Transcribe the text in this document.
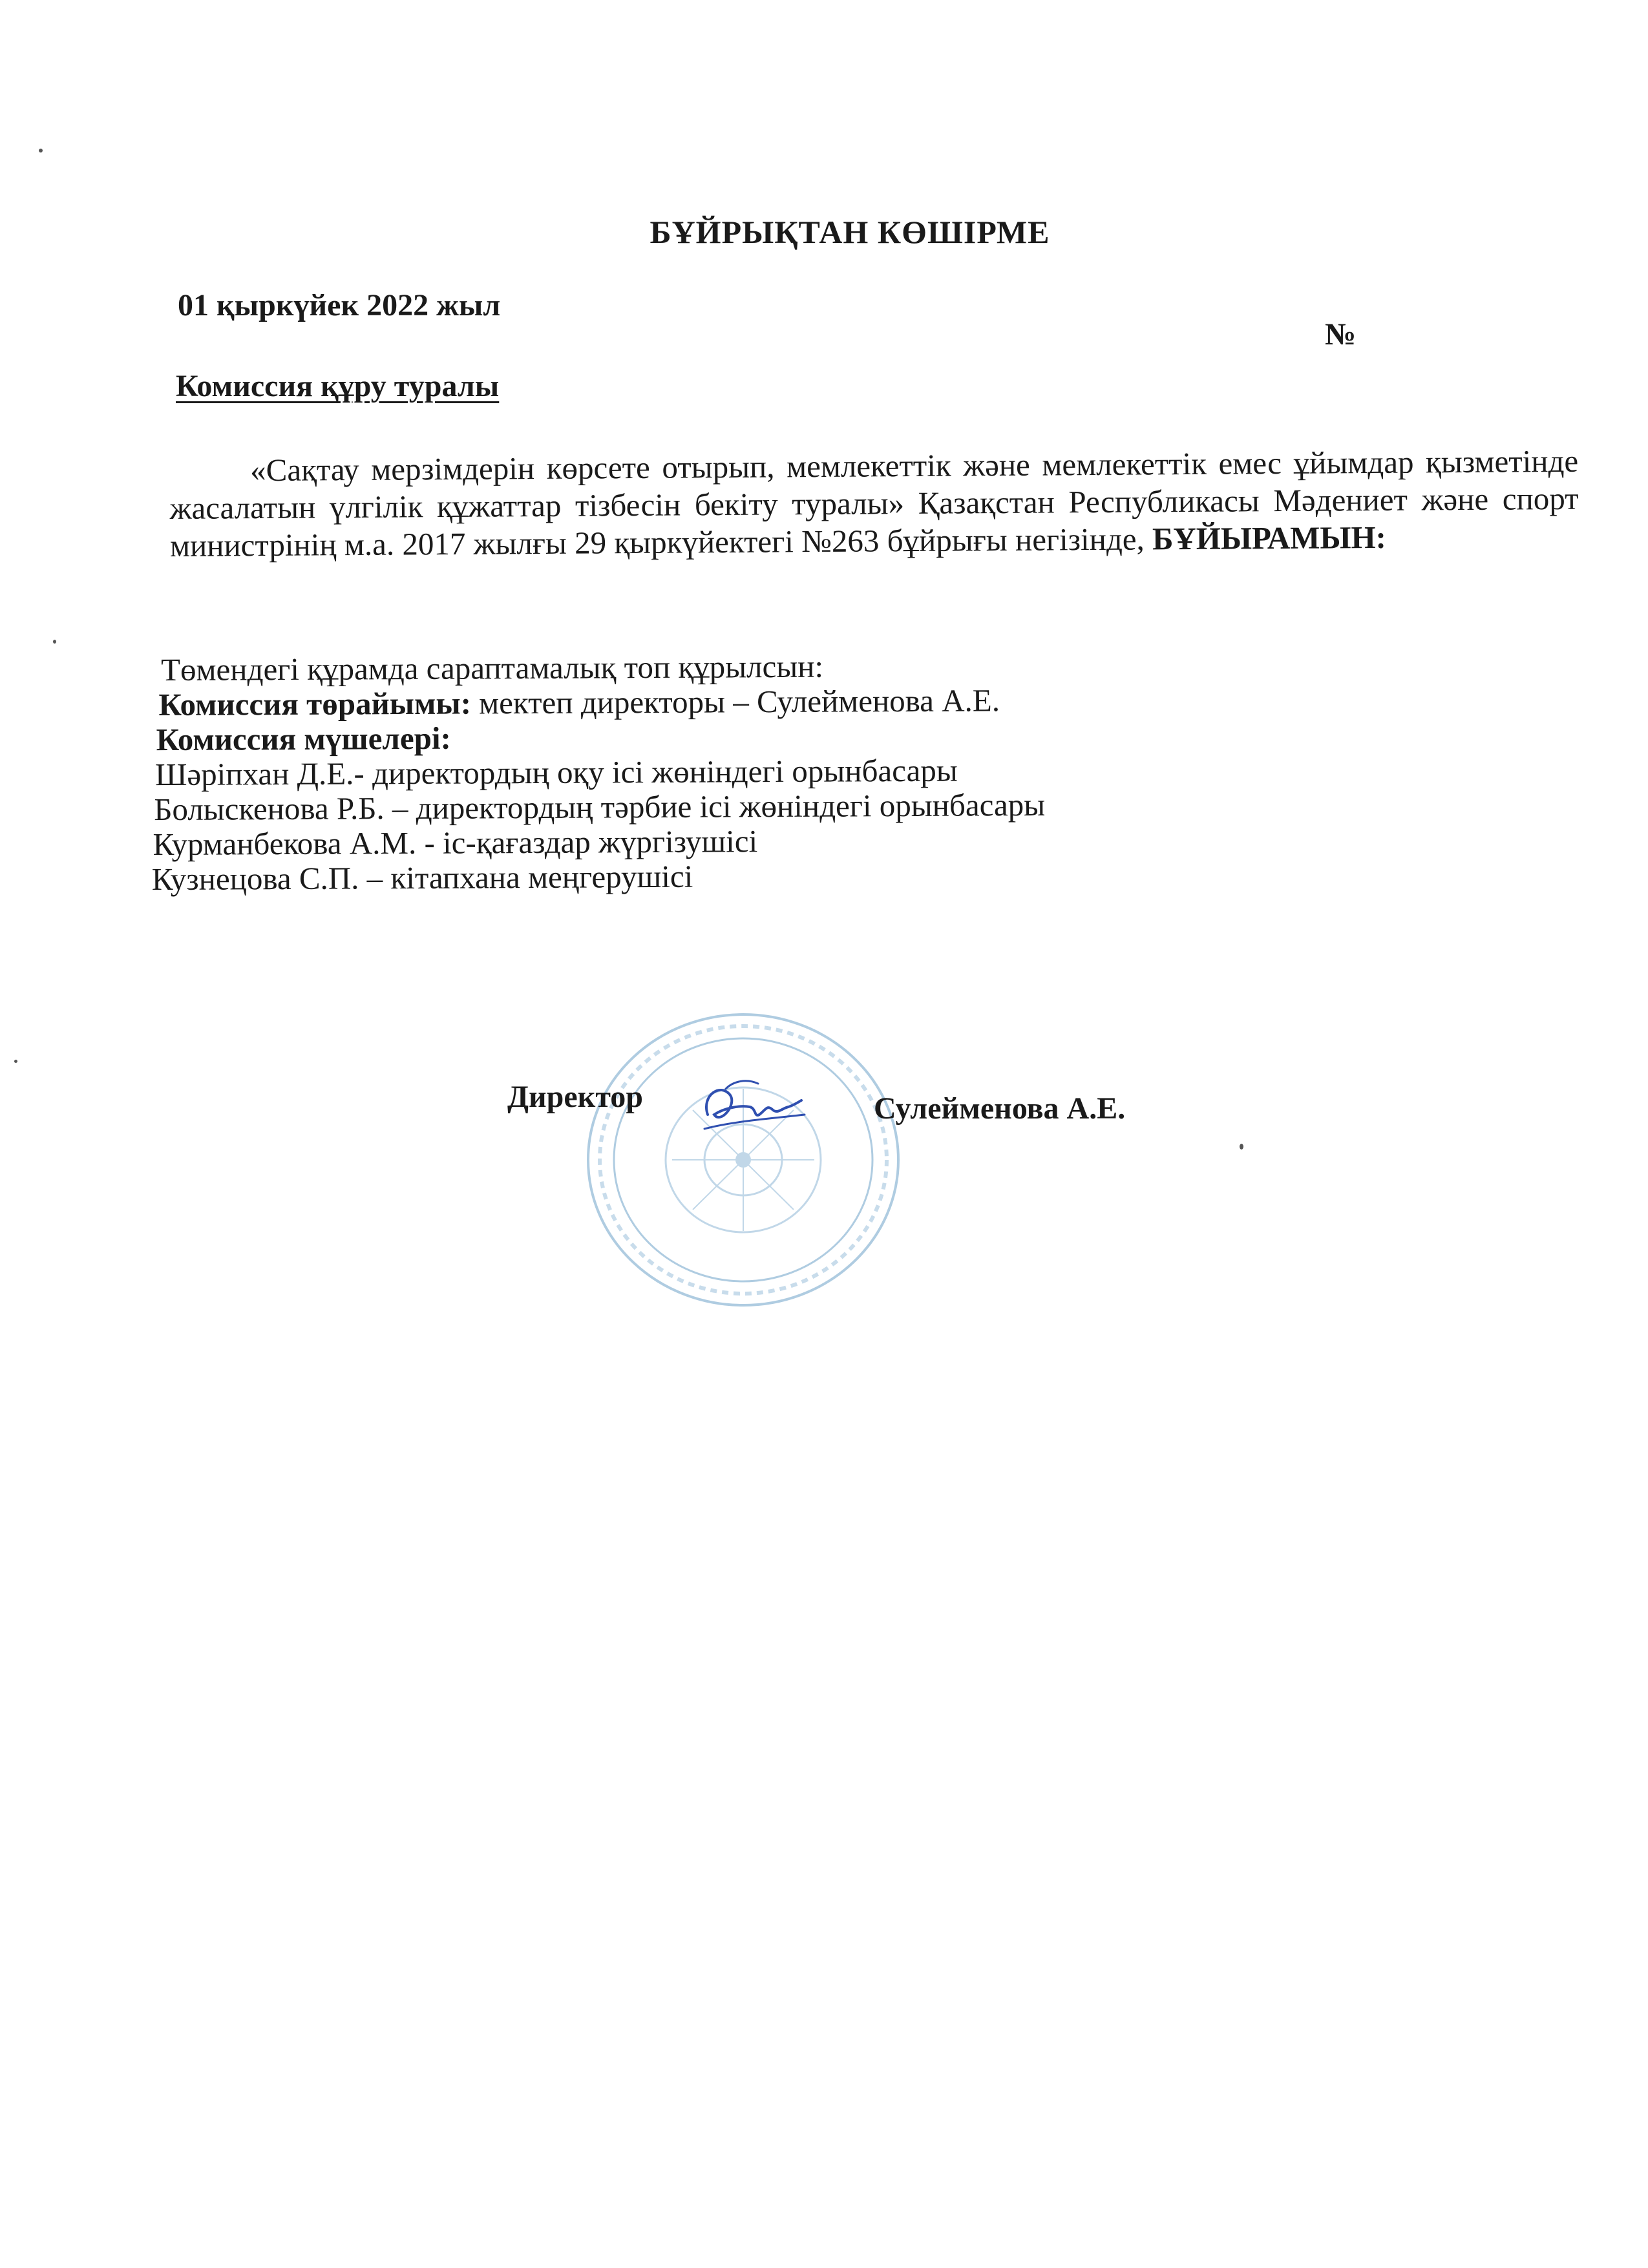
БҰЙРЫҚТАН КӨШІРМЕ
01 қыркүйек 2022 жыл
№
Комиссия құру туралы
«Сақтау мерзімдерін көрсете отырып, мемлекеттік және мемлекеттік емес ұйымдар қызметінде жасалатын үлгілік құжаттар тізбесін бекіту туралы» Қазақстан Республикасы Мәдениет және спорт министрінің м.а. 2017 жылғы 29 қыркүйектегі №263 бұйрығы негізінде, БҰЙЫРАМЫН:
Төмендегі құрамда сараптамалық топ құрылсын:
Комиссия төрайымы: мектеп директоры – Сулейменова А.Е.
Комиссия мүшелері:
Шәріпхан Д.Е.- директордың оқу ісі жөніндегі орынбасары
Болыскенова Р.Б. – директордың тәрбие ісі жөніндегі орынбасары
Курманбекова А.М. - іс-қағаздар жүргізушісі
Кузнецова С.П. – кітапхана меңгерушісі
Директор	Сулейменова А.Е.
